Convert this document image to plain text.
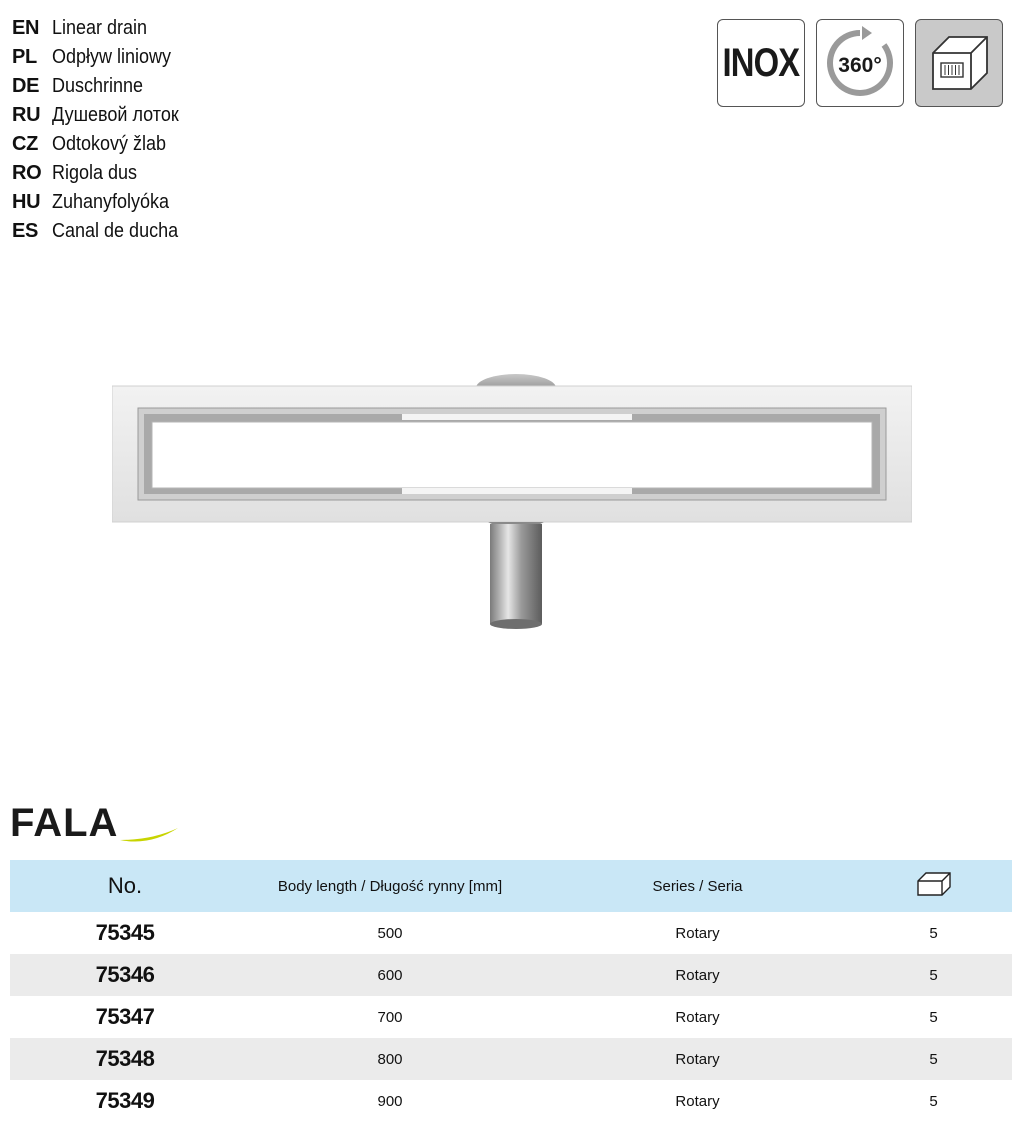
EN Linear drain
PL Odpływ liniowy
DE Duschrinne
RU Душевой лоток
CZ Odtokový žlab
RO Rigola dus
HU Zuhanyfolyóka
ES Canal de ducha
INOX 360°
FALA
No.	Body length / Długość rynny [mm]	Series / Seria	
75345	500	Rotary	5
75346	600	Rotary	5
75347	700	Rotary	5
75348	800	Rotary	5
75349	900	Rotary	5
